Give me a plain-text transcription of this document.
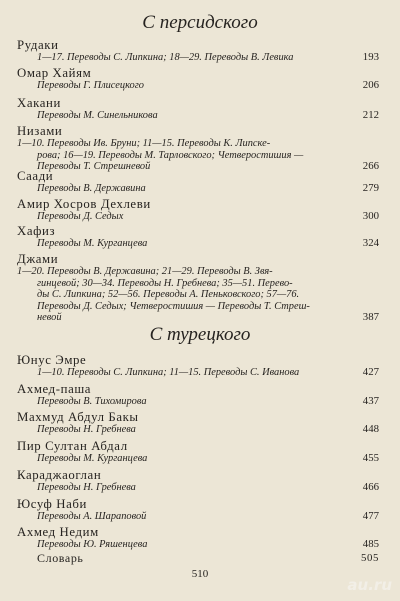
С персидского
Рудаки
1—17. Переводы С. Липкина; 18—29. Переводы В. Левика	193
Омар Хайям
Переводы Г. Плисецкого	206
Хакани
Переводы М. Синельникова	212
Низами
1—10. Переводы Ив. Бруни; 11—15. Переводы К. Липске-
рова; 16—19. Переводы М. Тарловского; Четверостишия —
Переводы Т. Стрешневой	266
Саади
Переводы В. Державина	279
Амир Хосров Дехлеви
Переводы Д. Седых	300
Хафиз
Переводы М. Курганцева	324
Джами
1—20. Переводы В. Державина; 21—29. Переводы В. Звя-
гинцевой; 30—34. Переводы Н. Гребнева; 35—51. Перево-
ды С. Липкина; 52—56. Переводы А. Пеньковского; 57—76.
Переводы Д. Седых; Четверостишия — Переводы Т. Стреш-
невой	387
С турецкого
Юнус Эмре
1—10. Переводы С. Липкина; 11—15. Переводы С. Иванова	427
Ахмед-паша
Переводы В. Тихомирова	437
Махмуд Абдул Бакы
Переводы Н. Гребнева	448
Пир Султан Абдал
Переводы М. Курганцева	455
Караджаоглан
Переводы Н. Гребнева	466
Юсуф Наби
Переводы А. Шараповой	477
Ахмед Недим
Переводы Ю. Ряшенцева	485
Словарь	505
510
au.ru
